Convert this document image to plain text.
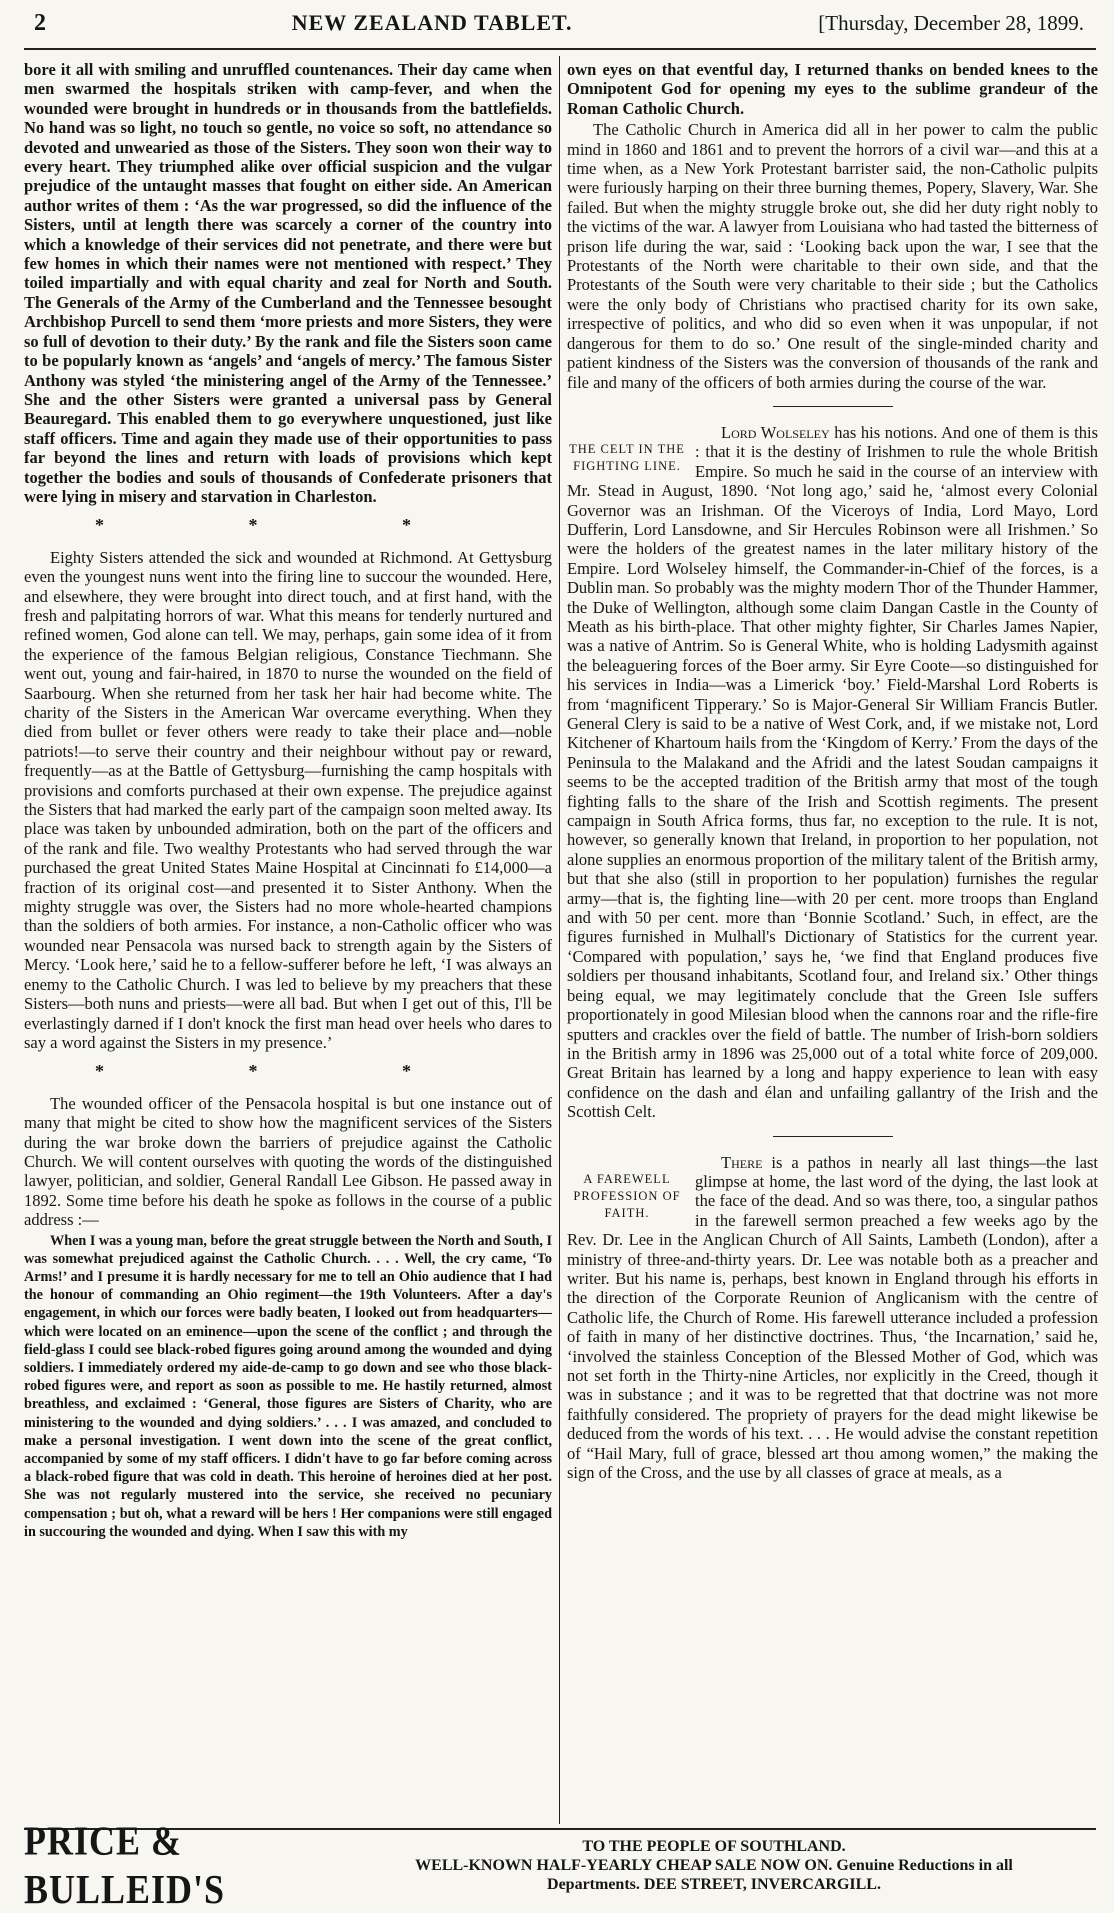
2	NEW ZEALAND TABLET.	[Thursday, December 28, 1899.

bore it all with smiling and unruffled countenances. Their day came when men swarmed the hospitals striken with camp-fever, and when the wounded were brought in hundreds or in thousands from the battlefields. No hand was so light, no touch so gentle, no voice so soft, no attendance so devoted and unwearied as those of the Sisters. They soon won their way to every heart. They triumphed alike over official suspicion and the vulgar prejudice of the untaught masses that fought on either side. An American author writes of them : ‘As the war progressed, so did the influence of the Sisters, until at length there was scarcely a corner of the country into which a knowledge of their services did not penetrate, and there were but few homes in which their names were not mentioned with respect.’ They toiled impartially and with equal charity and zeal for North and South. The Generals of the Army of the Cumberland and the Tennessee besought Archbishop Purcell to send them ‘more priests and more Sisters, they were so full of devotion to their duty.’ By the rank and file the Sisters soon came to be popularly known as ‘angels’ and ‘angels of mercy.’ The famous Sister Anthony was styled ‘the ministering angel of the Army of the Tennessee.’ She and the other Sisters were granted a universal pass by General Beauregard. This enabled them to go everywhere unquestioned, just like staff officers. Time and again they made use of their opportunities to pass far beyond the lines and return with loads of provisions which kept together the bodies and souls of thousands of Confederate prisoners that were lying in misery and starvation in Charleston.

* * *

Eighty Sisters attended the sick and wounded at Richmond. At Gettysburg even the youngest nuns went into the firing line to succour the wounded. Here, and elsewhere, they were brought into direct touch, and at first hand, with the fresh and palpitating horrors of war. What this means for tenderly nurtured and refined women, God alone can tell. We may, perhaps, gain some idea of it from the experience of the famous Belgian religious, Constance Tiechmann. She went out, young and fair-haired, in 1870 to nurse the wounded on the field of Saarbourg. When she returned from her task her hair had become white. The charity of the Sisters in the American War overcame everything. When they died from bullet or fever others were ready to take their place and—noble patriots!—to serve their country and their neighbour without pay or reward, frequently—as at the Battle of Gettysburg—furnishing the camp hospitals with provisions and comforts purchased at their own expense. The prejudice against the Sisters that had marked the early part of the campaign soon melted away. Its place was taken by unbounded admiration, both on the part of the officers and of the rank and file. Two wealthy Protestants who had served through the war purchased the great United States Maine Hospital at Cincinnati fo £14,000—a fraction of its original cost—and presented it to Sister Anthony. When the mighty struggle was over, the Sisters had no more whole-hearted champions than the soldiers of both armies. For instance, a non-Catholic officer who was wounded near Pensacola was nursed back to strength again by the Sisters of Mercy. ‘Look here,’ said he to a fellow-sufferer before he left, ‘I was always an enemy to the Catholic Church. I was led to believe by my preachers that these Sisters—both nuns and priests—were all bad. But when I get out of this, I'll be everlastingly darned if I don't knock the first man head over heels who dares to say a word against the Sisters in my presence.’

* * *

The wounded officer of the Pensacola hospital is but one instance out of many that might be cited to show how the magnificent services of the Sisters during the war broke down the barriers of prejudice against the Catholic Church. We will content ourselves with quoting the words of the distinguished lawyer, politician, and soldier, General Randall Lee Gibson. He passed away in 1892. Some time before his death he spoke as follows in the course of a public address :—

When I was a young man, before the great struggle between the North and South, I was somewhat prejudiced against the Catholic Church. . . . Well, the cry came, ‘To Arms!’ and I presume it is hardly necessary for me to tell an Ohio audience that I had the honour of commanding an Ohio regiment—the 19th Volunteers. After a day's engagement, in which our forces were badly beaten, I looked out from headquarters—which were located on an eminence—upon the scene of the conflict ; and through the field-glass I could see black-robed figures going around among the wounded and dying soldiers. I immediately ordered my aide-de-camp to go down and see who those black-robed figures were, and report as soon as possible to me. He hastily returned, almost breathless, and exclaimed : ‘General, those figures are Sisters of Charity, who are ministering to the wounded and dying soldiers.’ . . . I was amazed, and concluded to make a personal investigation. I went down into the scene of the great conflict, accompanied by some of my staff officers. I didn't have to go far before coming across a black-robed figure that was cold in death. This heroine of heroines died at her post. She was not regularly mustered into the service, she received no pecuniary compensation ; but oh, what a reward will be hers ! Her companions were still engaged in succouring the wounded and dying. When I saw this with my

own eyes on that eventful day, I returned thanks on bended knees to the Omnipotent God for opening my eyes to the sublime grandeur of the Roman Catholic Church.

The Catholic Church in America did all in her power to calm the public mind in 1860 and 1861 and to prevent the horrors of a civil war—and this at a time when, as a New York Protestant barrister said, the non-Catholic pulpits were furiously harping on their three burning themes, Popery, Slavery, War. She failed. But when the mighty struggle broke out, she did her duty right nobly to the victims of the war. A lawyer from Louisiana who had tasted the bitterness of prison life during the war, said : ‘Looking back upon the war, I see that the Protestants of the North were charitable to their own side, and that the Protestants of the South were very charitable to their side ; but the Catholics were the only body of Christians who practised charity for its own sake, irrespective of politics, and who did so even when it was unpopular, if not dangerous for them to do so.’ One result of the single-minded charity and patient kindness of the Sisters was the conversion of thousands of the rank and file and many of the officers of both armies during the course of the war.

THE CELT IN THE FIGHTING LINE.

Lord Wolseley has his notions. And one of them is this : that it is the destiny of Irishmen to rule the whole British Empire. So much he said in the course of an interview with Mr. Stead in August, 1890. ‘Not long ago,’ said he, ‘almost every Colonial Governor was an Irishman. Of the Viceroys of India, Lord Mayo, Lord Dufferin, Lord Lansdowne, and Sir Hercules Robinson were all Irishmen.’ So were the holders of the greatest names in the later military history of the Empire. Lord Wolseley himself, the Commander-in-Chief of the forces, is a Dublin man. So probably was the mighty modern Thor of the Thunder Hammer, the Duke of Wellington, although some claim Dangan Castle in the County of Meath as his birth-place. That other mighty fighter, Sir Charles James Napier, was a native of Antrim. So is General White, who is holding Ladysmith against the beleaguering forces of the Boer army. Sir Eyre Coote—so distinguished for his services in India—was a Limerick ‘boy.’ Field-Marshal Lord Roberts is from ‘magnificent Tipperary.’ So is Major-General Sir William Francis Butler. General Clery is said to be a native of West Cork, and, if we mistake not, Lord Kitchener of Khartoum hails from the ‘Kingdom of Kerry.’ From the days of the Peninsula to the Malakand and the Afridi and the latest Soudan campaigns it seems to be the accepted tradition of the British army that most of the tough fighting falls to the share of the Irish and Scottish regiments. The present campaign in South Africa forms, thus far, no exception to the rule. It is not, however, so generally known that Ireland, in proportion to her population, not alone supplies an enormous proportion of the military talent of the British army, but that she also (still in proportion to her population) furnishes the regular army—that is, the fighting line—with 20 per cent. more troops than England and with 50 per cent. more than ‘Bonnie Scotland.’ Such, in effect, are the figures furnished in Mulhall's Dictionary of Statistics for the current year. ‘Compared with population,’ says he, ‘we find that England produces five soldiers per thousand inhabitants, Scotland four, and Ireland six.’ Other things being equal, we may legitimately conclude that the Green Isle suffers proportionately in good Milesian blood when the cannons roar and the rifle-fire sputters and crackles over the field of battle. The number of Irish-born soldiers in the British army in 1896 was 25,000 out of a total white force of 209,000. Great Britain has learned by a long and happy experience to lean with easy confidence on the dash and élan and unfailing gallantry of the Irish and the Scottish Celt.

A FAREWELL PROFESSION OF FAITH.

There is a pathos in nearly all last things—the last glimpse at home, the last word of the dying, the last look at the face of the dead. And so was there, too, a singular pathos in the farewell sermon preached a few weeks ago by the Rev. Dr. Lee in the Anglican Church of All Saints, Lambeth (London), after a ministry of three-and-thirty years. Dr. Lee was notable both as a preacher and writer. But his name is, perhaps, best known in England through his efforts in the direction of the Corporate Reunion of Anglicanism with the centre of Catholic life, the Church of Rome. His farewell utterance included a profession of faith in many of her distinctive doctrines. Thus, ‘the Incarnation,’ said he, ‘involved the stainless Conception of the Blessed Mother of God, which was not set forth in the Thirty-nine Articles, nor explicitly in the Creed, though it was in substance ; and it was to be regretted that that doctrine was not more faithfully considered. The propriety of prayers for the dead might likewise be deduced from the words of his text. . . . He would advise the constant repetition of “Hail Mary, full of grace, blessed art thou among women,” the making the sign of the Cross, and the use by all classes of grace at meals, as a

PRICE & BULLEID'S
TO THE PEOPLE OF SOUTHLAND.
WELL-KNOWN HALF-YEARLY CHEAP SALE NOW ON. Genuine Reductions in all
Departments. DEE STREET, INVERCARGILL.
